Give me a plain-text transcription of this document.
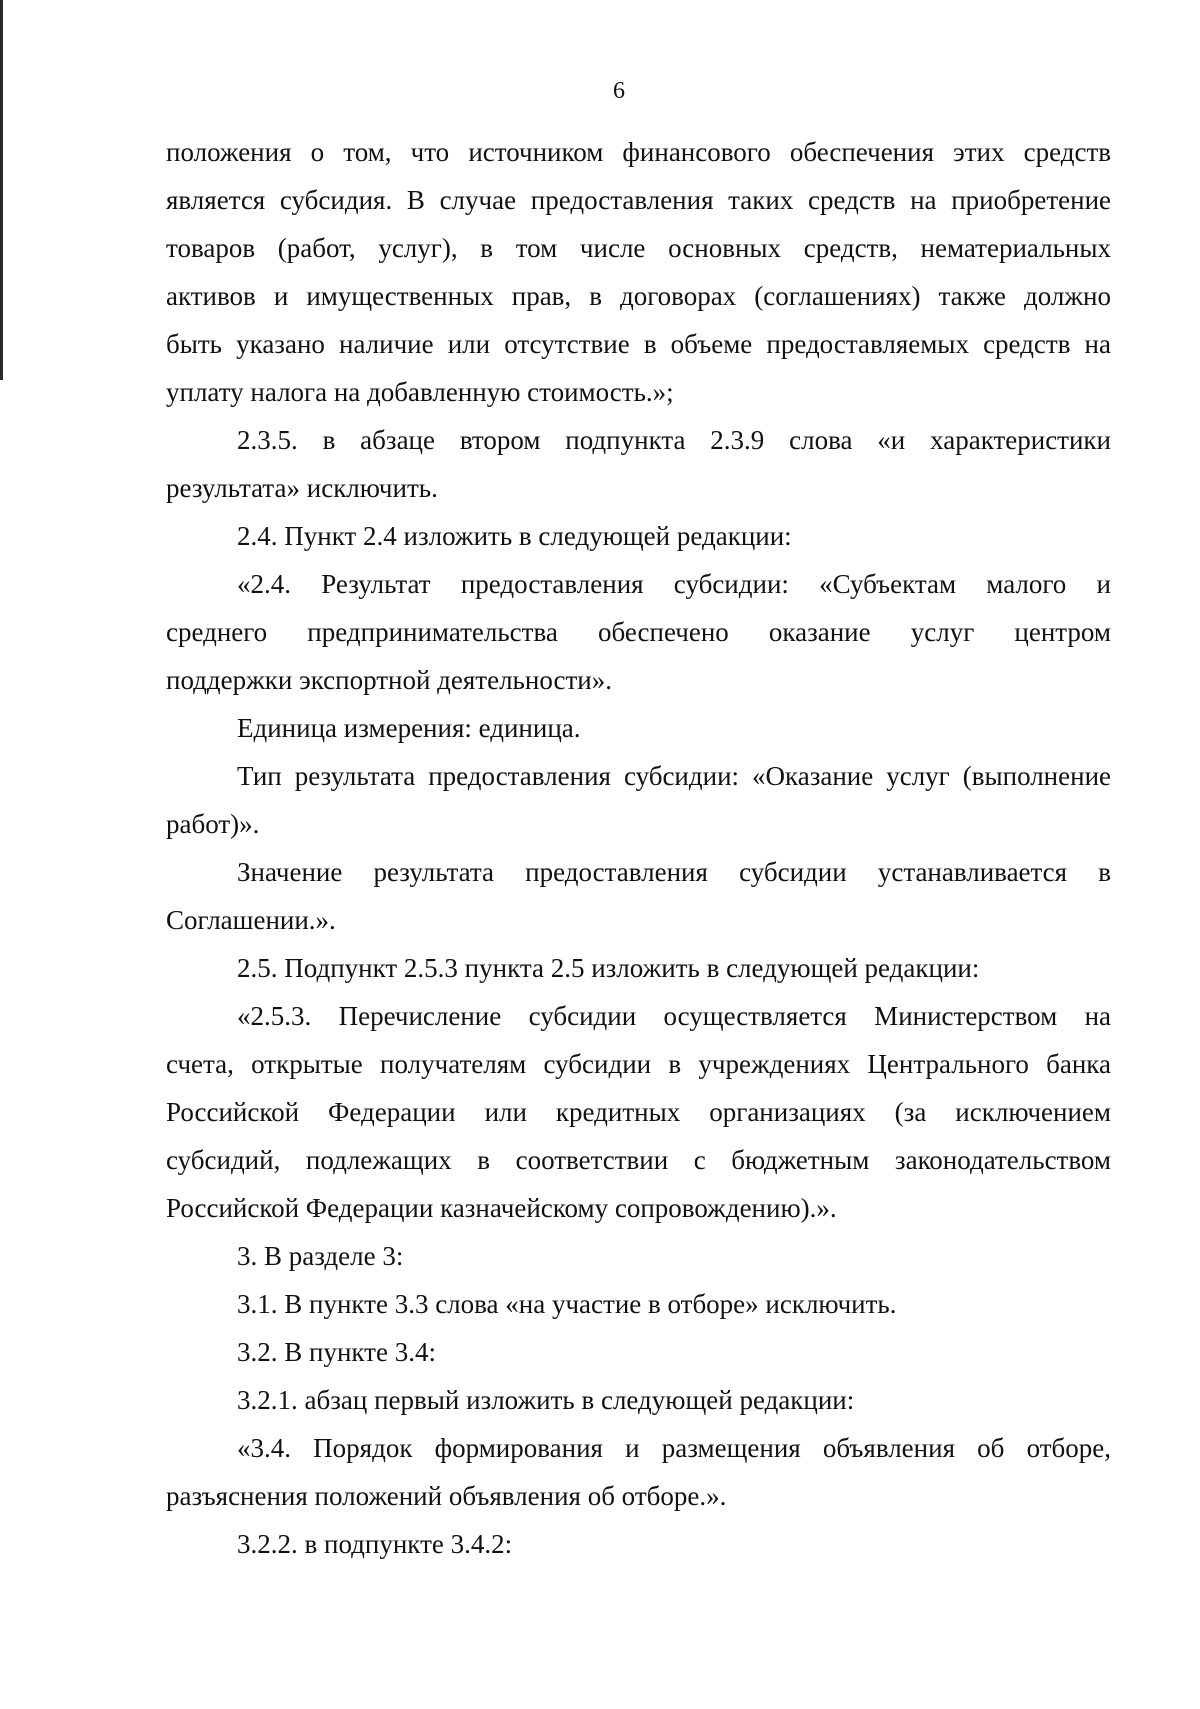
6
положения о том, что источником финансового обеспечения этих средств
является субсидия. В случае предоставления таких средств на приобретение
товаров (работ, услуг), в том числе основных средств, нематериальных
активов и имущественных прав, в договорах (соглашениях) также должно
быть указано наличие или отсутствие в объеме предоставляемых средств на
уплату налога на добавленную стоимость.»;
2.3.5. в абзаце втором подпункта 2.3.9 слова «и характеристики
результата» исключить.
2.4. Пункт 2.4 изложить в следующей редакции:
«2.4. Результат предоставления субсидии: «Субъектам малого и
среднего предпринимательства обеспечено оказание услуг центром
поддержки экспортной деятельности».
Единица измерения: единица.
Тип результата предоставления субсидии: «Оказание услуг (выполнение
работ)».
Значение результата предоставления субсидии устанавливается в
Соглашении.».
2.5. Подпункт 2.5.3 пункта 2.5 изложить в следующей редакции:
«2.5.3. Перечисление субсидии осуществляется Министерством на
счета, открытые получателям субсидии в учреждениях Центрального банка
Российской Федерации или кредитных организациях (за исключением
субсидий, подлежащих в соответствии с бюджетным законодательством
Российской Федерации казначейскому сопровождению).».
3. В разделе 3:
3.1. В пункте 3.3 слова «на участие в отборе» исключить.
3.2. В пункте 3.4:
3.2.1. абзац первый изложить в следующей редакции:
«3.4. Порядок формирования и размещения объявления об отборе,
разъяснения положений объявления об отборе.».
3.2.2. в подпункте 3.4.2:
